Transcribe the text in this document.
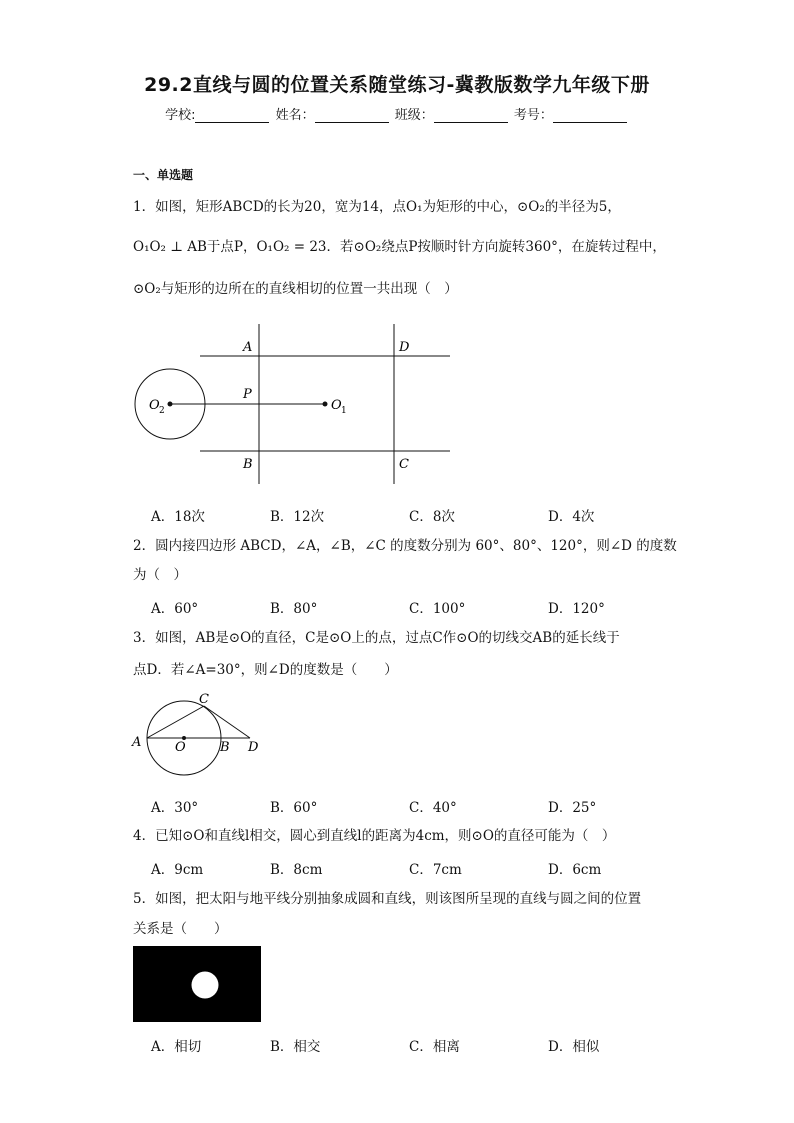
29.2直线与圆的位置关系随堂练习-冀教版数学九年级下册
学校:	姓名：	班级：	考号：
一、单选题
1．如图，矩形ABCD的长为20，宽为14，点O₁为矩形的中心，⊙O₂的半径为5，
O₁O₂ ⊥ AB于点P，O₁O₂ = 23．若⊙O₂绕点P按顺时针方向旋转360°，在旋转过程中，
⊙O₂与矩形的边所在的直线相切的位置一共出现（　）
A	D
P
B	C
O 2	O 1
A．18次	B．12次	C．8次	D．4次
2．圆内接四边形 ABCD，∠A，∠B，∠C 的度数分别为 60°、80°、120°，则∠D 的度数
为（　）
A．60°	B．80°	C．100°	D．120°
3．如图，AB是⊙O的直径，C是⊙O上的点，过点C作⊙O的切线交AB的延长线于
点D．若∠A=30°，则∠D的度数是（　　）
A	O	B
C
D
A．30°	B．60°	C．40°	D．25°
4．已知⊙O和直线l相交，圆心到直线l的距离为4cm，则⊙O的直径可能为（　）
A．9cm	B．8cm	C．7cm	D．6cm
5．如图，把太阳与地平线分别抽象成圆和直线，则该图所呈现的直线与圆之间的位置
关系是（　　）
A．相切	B．相交	C．相离	D．相似
